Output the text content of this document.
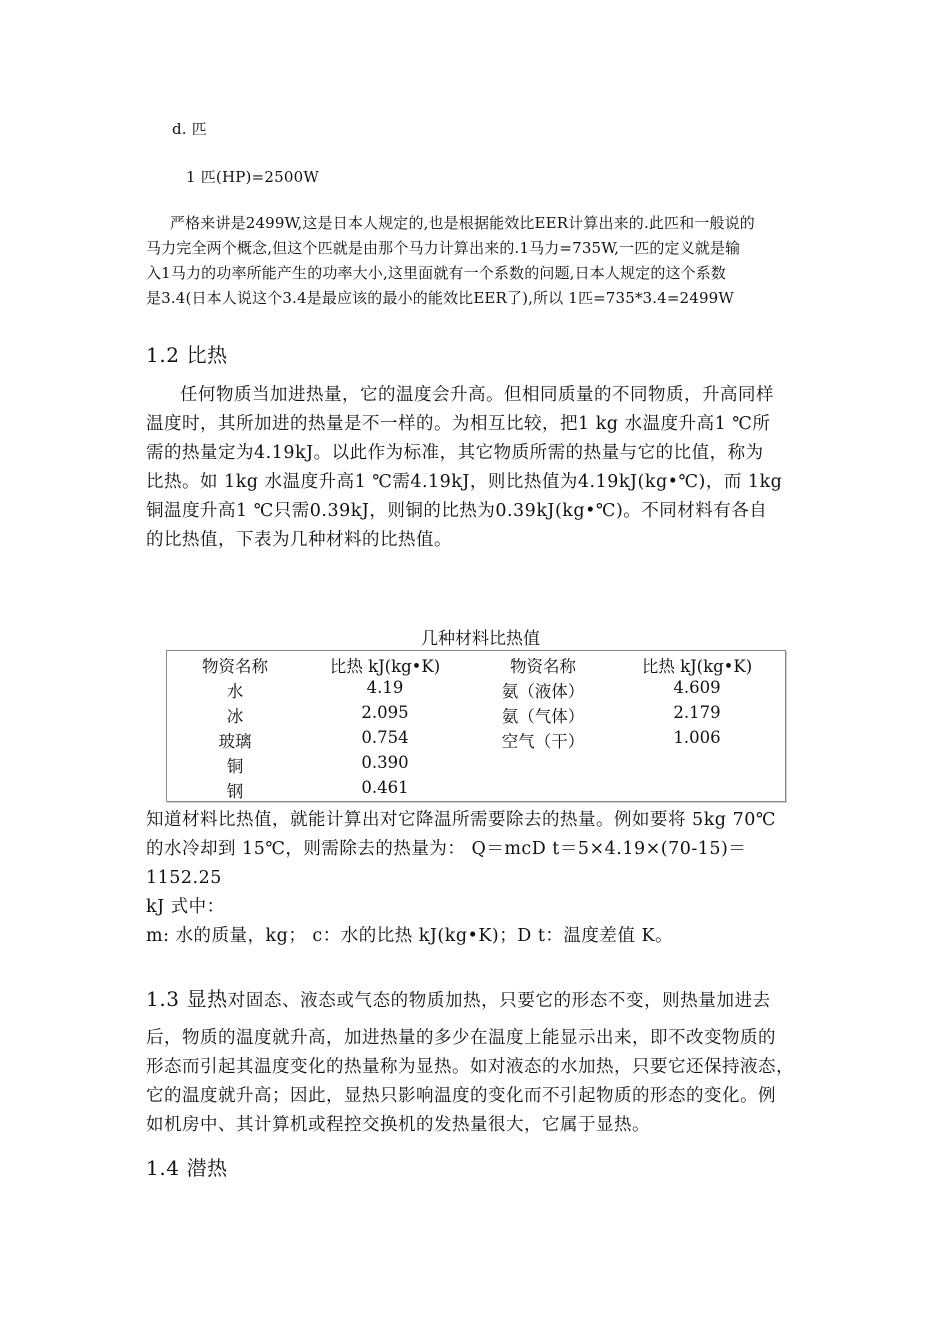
d. 匹
1 匹(HP)=2500W

严格来讲是2499W,这是日本人规定的,也是根据能效比EER计算出来的.此匹和一般说的

马力完全两个概念,但这个匹就是由那个马力计算出来的.1马力=735W,一匹的定义就是输

入1马力的功率所能产生的功率大小,这里面就有一个系数的问题,日本人规定的这个系数

是3.4(日本人说这个3.4是最应该的最小的能效比EER了),所以 1匹=735*3.4=2499W

1.2 比热

任何物质当加进热量，它的温度会升高。但相同质量的不同物质，升高同样

温度时，其所加进的热量是不一样的。为相互比较，把1 kg 水温度升高1 ℃所

需的热量定为4.19kJ。以此作为标准，其它物质所需的热量与它的比值，称为

比热。如 1kg 水温度升高1 ℃需4.19kJ，则比热值为4.19kJ(kg•℃)，而 1kg

铜温度升高1 ℃只需0.39kJ，则铜的比热为0.39kJ(kg•℃)。不同材料有各自

的比热值，下表为几种材料的比热值。

几种材料比热值
物资名称	比热 kJ(kg•K)	物资名称	比热 kJ(kg•K)
水	4.19	氨（液体）	4.609
冰	2.095	氨（气体）	2.179
玻璃	0.754	空气（干）	1.006
铜	0.390
钢	0.461

知道材料比热值，就能计算出对它降温所需要除去的热量。例如要将 5kg 70℃

的水冷却到 15℃，则需除去的热量为： Q＝mcD t＝5×4.19×(70-15)＝1152.25

kJ 式中：

m: 水的质量，kg； c：水的比热 kJ(kg•K)；D t：温度差值 K。

1.3 显热对固态、液态或气态的物质加热，只要它的形态不变，则热量加进去

后，物质的温度就升高，加进热量的多少在温度上能显示出来，即不改变物质的

形态而引起其温度变化的热量称为显热。如对液态的水加热，只要它还保持液态，

它的温度就升高；因此，显热只影响温度的变化而不引起物质的形态的变化。例

如机房中、其计算机或程控交换机的发热量很大，它属于显热。

1.4 潜热
